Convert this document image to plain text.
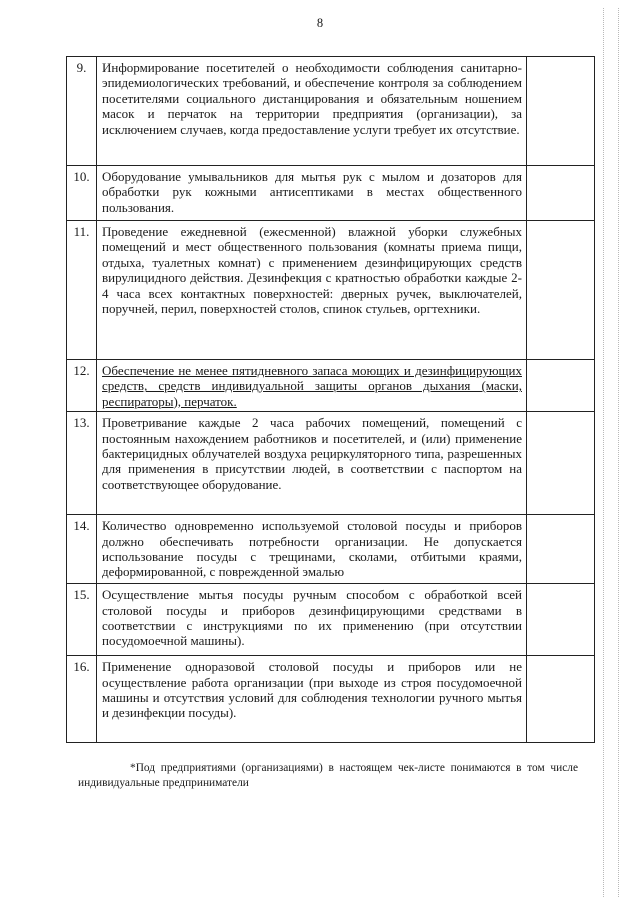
8
9.	Информирование посетителей о необходимости соблюдения санитарно-эпидемиологических требований, и обеспечение контроля за соблюдением посетителями социального дистанцирования и обязательным ношением масок и перчаток на территории предприятия (организации), за исключением случаев, когда предоставление услуги требует их отсутствие.	
10.	Оборудование умывальников для мытья рук с мылом и дозаторов для обработки рук кожными антисептиками в местах общественного пользования.	
11.	Проведение ежедневной (ежесменной) влажной уборки служебных помещений и мест общественного пользования (комнаты приема пищи, отдыха, туалетных комнат) с применением дезинфицирующих средств вирулицидного действия. Дезинфекция с кратностью обработки каждые 2-4 часа всех контактных поверхностей: дверных ручек, выключателей, поручней, перил, поверхностей столов, спинок стульев, оргтехники.	
12.	Обеспечение не менее пятидневного запаса моющих и дезинфицирующих средств, средств индивидуальной защиты органов дыхания (маски, респираторы), перчаток.	
13.	Проветривание каждые 2 часа рабочих помещений, помещений с постоянным нахождением работников и посетителей, и (или) применение бактерицидных облучателей воздуха рециркуляторного типа, разрешенных для применения в присутствии людей, в соответствии с паспортом на соответствующее оборудование.	
14.	Количество одновременно используемой столовой посуды и приборов должно обеспечивать потребности организации. Не допускается использование посуды с трещинами, сколами, отбитыми краями, деформированной, с поврежденной эмалью	
15.	Осуществление мытья посуды ручным способом с обработкой всей столовой посуды и приборов дезинфицирующими средствами в соответствии с инструкциями по их применению (при отсутствии посудомоечной машины).	
16.	Применение одноразовой столовой посуды и приборов или не осуществление работа организации (при выходе из строя посудомоечной машины и отсутствия условий для соблюдения технологии ручного мытья и дезинфекции посуды).	
*Под предприятиями (организациями) в настоящем чек-листе понимаются в том числе индивидуальные предприниматели
